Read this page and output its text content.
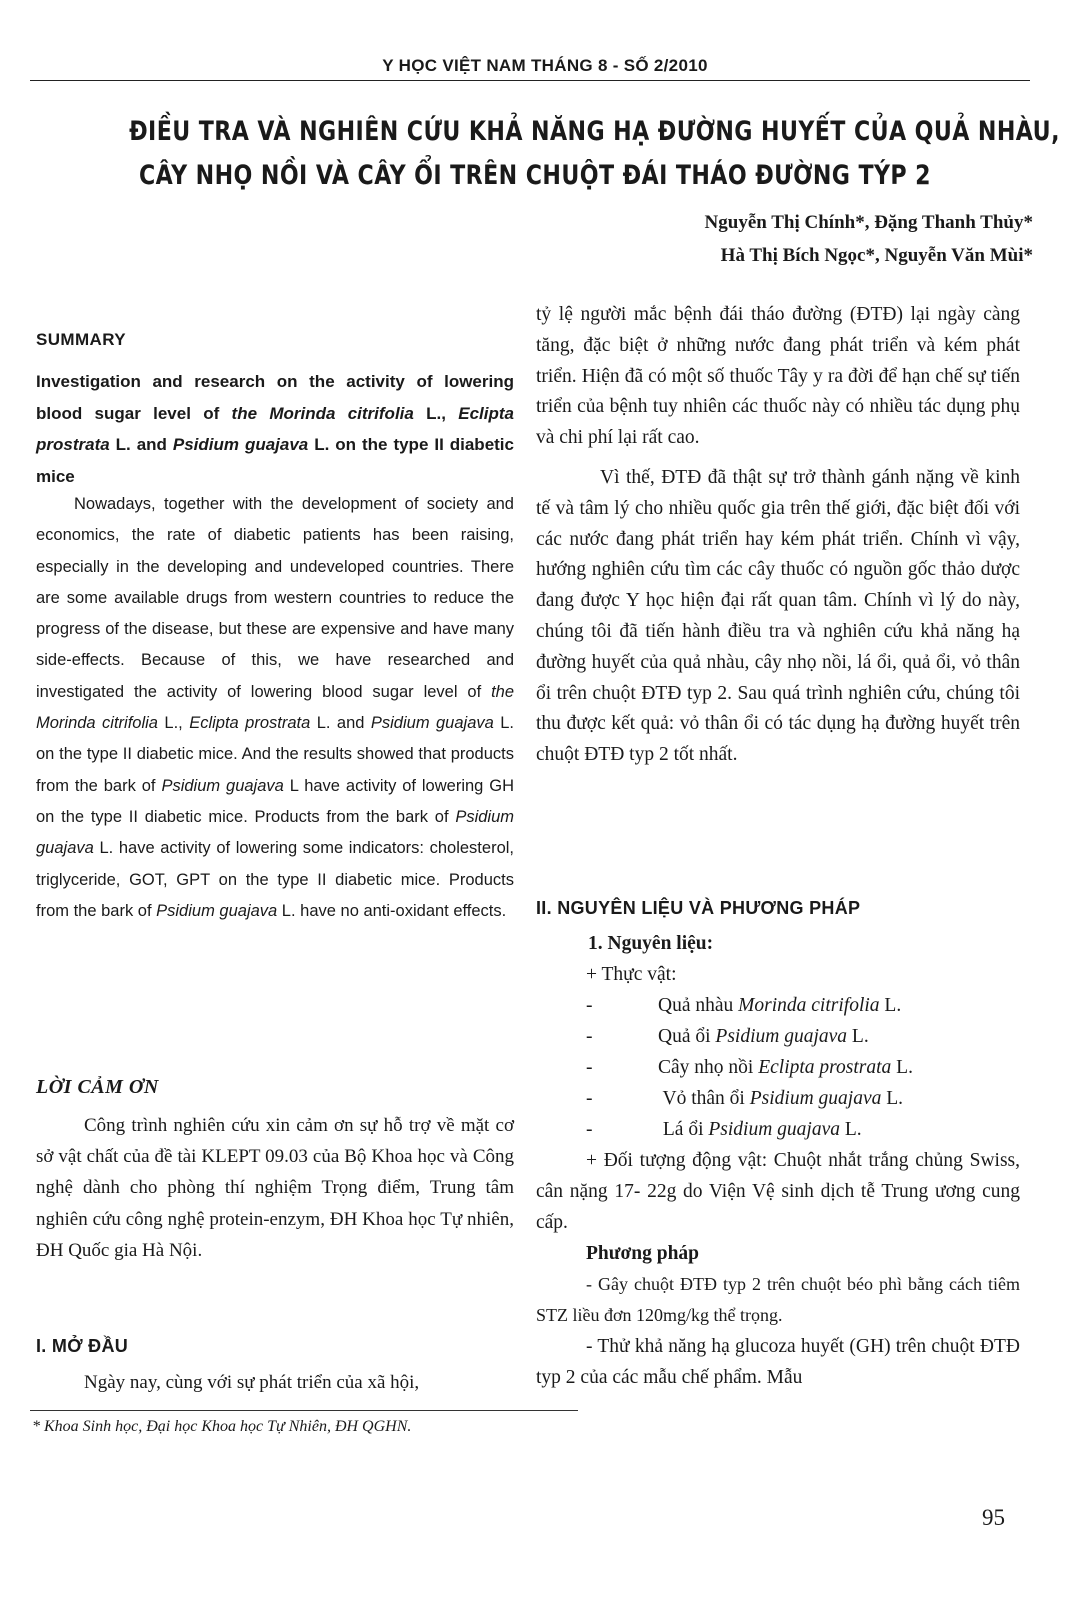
Y HỌC VIỆT NAM THÁNG 8 - SỐ 2/2010
ĐIỀU TRA VÀ NGHIÊN CỨU KHẢ NĂNG HẠ ĐƯỜNG HUYẾT CỦA QUẢ NHÀU,
CÂY NHỌ NỒI VÀ CÂY ỔI TRÊN CHUỘT ĐÁI THÁO ĐƯỜNG TÝP 2
Nguyễn Thị Chính*, Đặng Thanh Thủy*
Hà Thị Bích Ngọc*, Nguyễn Văn Mùi*
SUMMARY
Investigation and research on the activity of lowering blood sugar level of the Morinda citrifolia L., Eclipta prostrata L. and Psidium guajava L. on the type II diabetic mice

Nowadays, together with the development of society and economics, the rate of diabetic patients has been raising, especially in the developing and undeveloped countries. There are some available drugs from western countries to reduce the progress of the disease, but these are expensive and have many side-effects. Because of this, we have researched and investigated the activity of lowering blood sugar level of the Morinda citrifolia L., Eclipta prostrata L. and Psidium guajava L. on the type II diabetic mice. And the results showed that products from the bark of Psidium guajava L have activity of lowering GH on the type II diabetic mice. Products from the bark of Psidium guajava L. have activity of lowering some indicators: cholesterol, triglyceride, GOT, GPT on the type II diabetic mice. Products from the bark of Psidium guajava L. have no anti-oxidant effects.

LỜI CẢM ƠN

Công trình nghiên cứu xin cảm ơn sự hỗ trợ về mặt cơ sở vật chất của đề tài KLEPT 09.03 của Bộ Khoa học và Công nghệ dành cho phòng thí nghiệm Trọng điểm, Trung tâm nghiên cứu công nghệ protein-enzym, ĐH Khoa học Tự nhiên, ĐH Quốc gia Hà Nội.

I. MỞ ĐẦU

Ngày nay, cùng với sự phát triển của xã hội,

tỷ lệ người mắc bệnh đái tháo đường (ĐTĐ) lại ngày càng tăng, đặc biệt ở những nước đang phát triển và kém phát triển. Hiện đã có một số thuốc Tây y ra đời để hạn chế sự tiến triển của bệnh tuy nhiên các thuốc này có nhiều tác dụng phụ và chi phí lại rất cao.

Vì thế, ĐTĐ đã thật sự trở thành gánh nặng về kinh tế và tâm lý cho nhiều quốc gia trên thế giới, đặc biệt đối với các nước đang phát triển hay kém phát triển. Chính vì vậy, hướng nghiên cứu tìm các cây thuốc có nguồn gốc thảo dược đang được Y học hiện đại rất quan tâm. Chính vì lý do này, chúng tôi đã tiến hành điều tra và nghiên cứu khả năng hạ đường huyết của quả nhàu, cây nhọ nồi, lá ổi, quả ổi, vỏ thân ổi trên chuột ĐTĐ typ 2. Sau quá trình nghiên cứu, chúng tôi thu được kết quả: vỏ thân ổi có tác dụng hạ đường huyết trên chuột ĐTĐ typ 2 tốt nhất.

II. NGUYÊN LIỆU VÀ PHƯƠNG PHÁP
1. Nguyên liệu:
+ Thực vật:
-	Quả nhàu Morinda citrifolia L.
-	Quả ổi Psidium guajava L.
-	Cây nhọ nồi Eclipta prostrata L.
-	Vỏ thân ổi Psidium guajava L.
-	Lá ổi Psidium guajava L.
+ Đối tượng động vật: Chuột nhắt trắng chủng Swiss, cân nặng 17- 22g do Viện Vệ sinh dịch tễ Trung ương cung cấp.
Phương pháp
- Gây chuột ĐTĐ typ 2 trên chuột béo phì bằng cách tiêm STZ liều đơn 120mg/kg thể trọng.
- Thử khả năng hạ glucoza huyết (GH) trên chuột ĐTĐ typ 2 của các mẫu chế phẩm. Mẫu
* Khoa Sinh học, Đại học Khoa học Tự Nhiên, ĐH QGHN.
95
